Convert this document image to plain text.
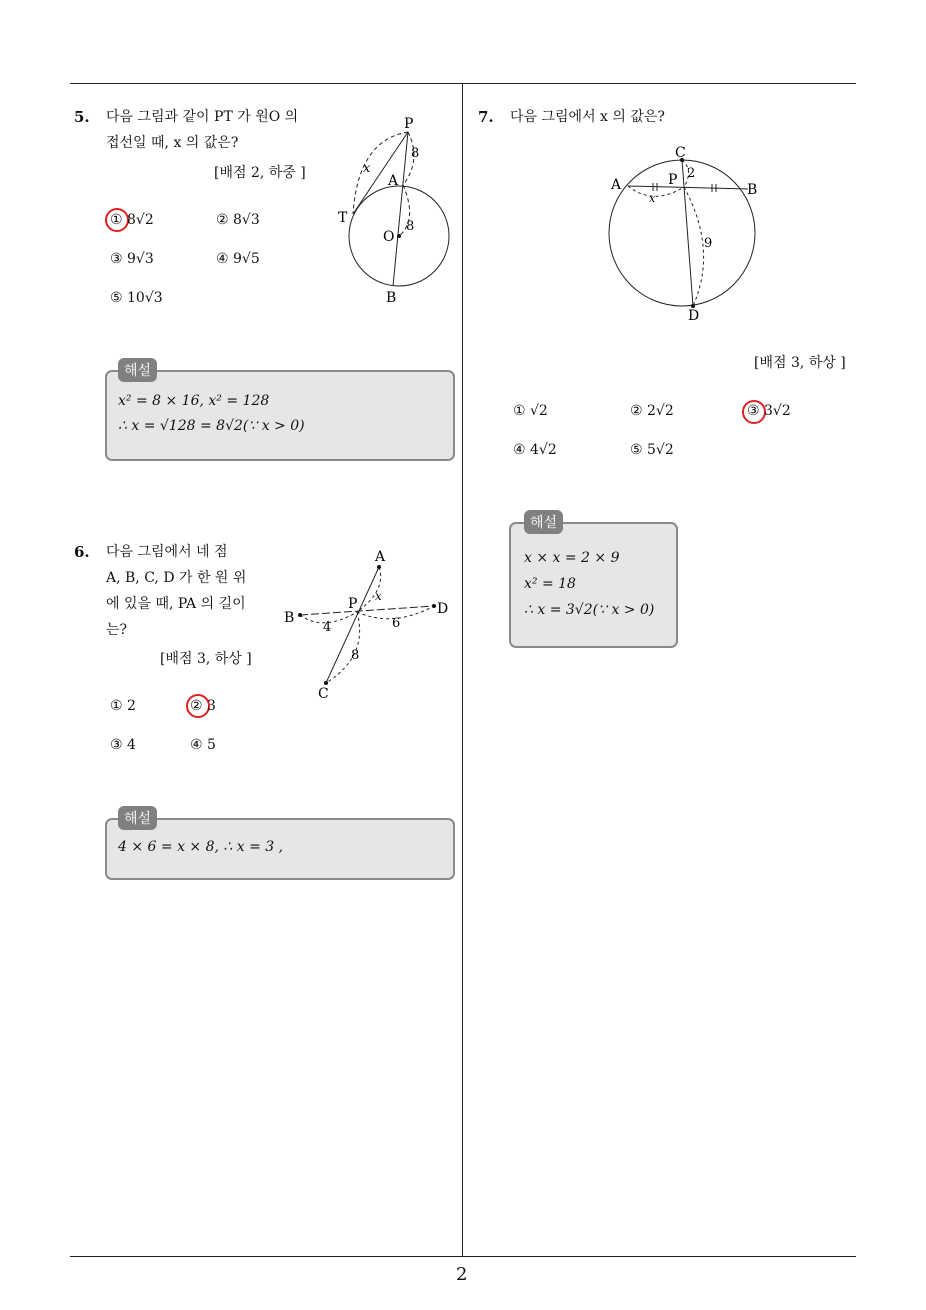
5. 다음 그림과 같이 PT 가 원O 의
접선일 때, x 의 값은?
[배점 2, 하중 ]
P
8
x
A
T
O
8
B
① 8√2	② 8√3
③ 9√3	④ 9√5
⑤ 10√3
해설
x² = 8 × 16, x² = 128
∴ x = √128 = 8√2(∵ x > 0)
6. 다음 그림에서 네 점
A, B, C, D 가 한 원 위
에 있을 때, PA 의 길이
는?
[배점 3, 하상 ]
A
x
B
P	D
4	6
8
C
① 2	② 3
③ 4	④ 5
해설
4 × 6 = x × 8, ∴ x = 3 ,
7. 다음 그림에서 x 의 값은?
C
2
A	P
B
x
9
D
[배점 3, 하상 ]
① √2	② 2√2	③ 3√2
④ 4√2	⑤ 5√2
해설
x × x = 2 × 9
x² = 18
∴ x = 3√2(∵ x > 0)
2
